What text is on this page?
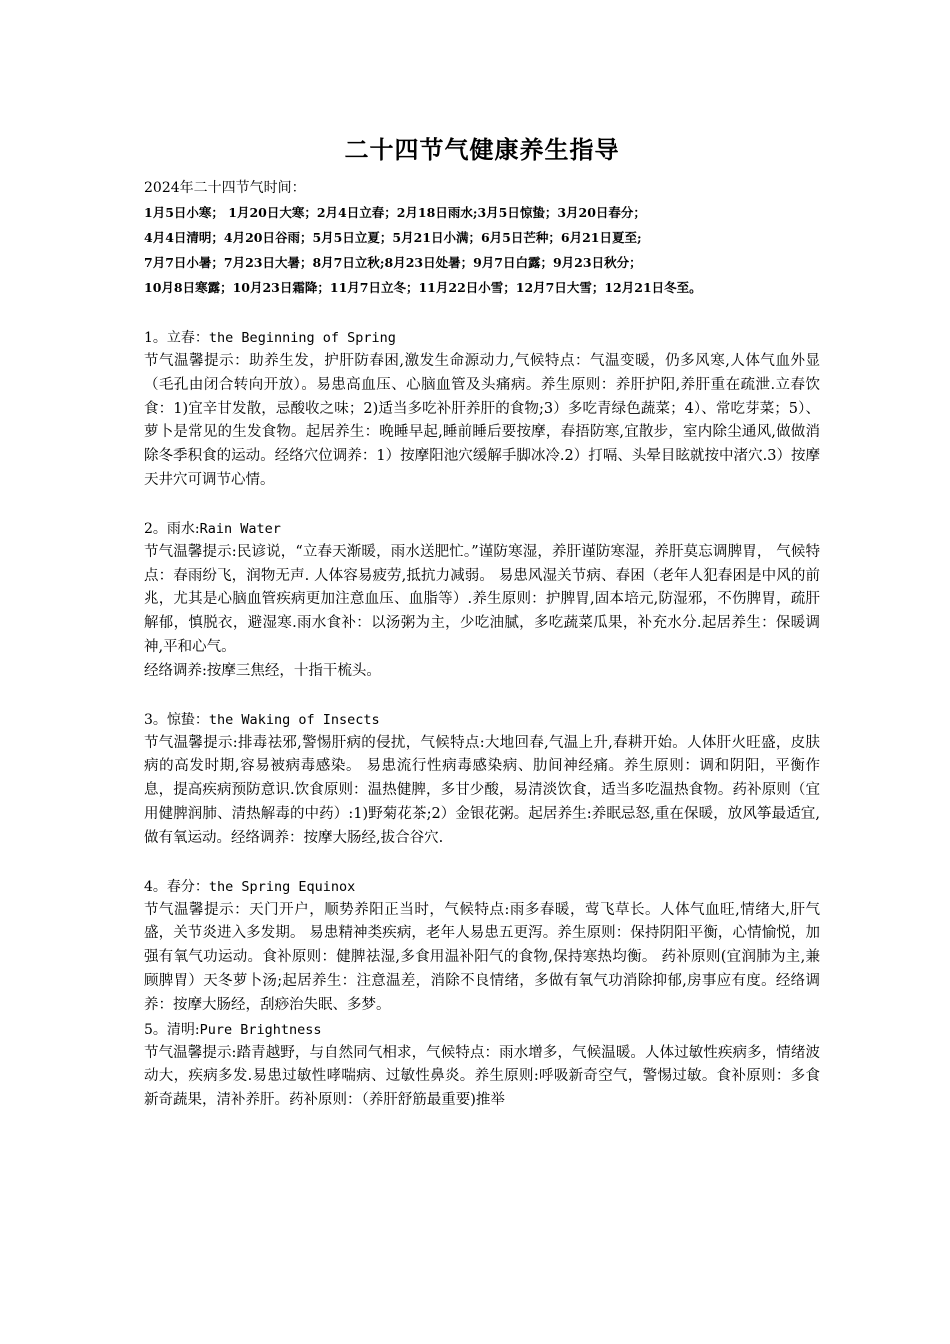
二十四节气健康养生指导
2024年二十四节气时间：
1月5日小寒； 1月20日大寒；2月4日立春；2月18日雨水;3月5日惊蛰；3月20日春分；
4月4日清明；4月20日谷雨；5月5日立夏；5月21日小满；6月5日芒种；6月21日夏至;
7月7日小暑；7月23日大暑；8月7日立秋;8月23日处暑；9月7日白露；9月23日秋分；
10月8日寒露；10月23日霜降；11月7日立冬；11月22日小雪；12月7日大雪；12月21日冬至。
1。立春：the Beginning of Spring
节气温馨提示：助养生发，护肝防春困,激发生命源动力,气候特点：气温变暖，仍多风寒,人体气血外显（毛孔由闭合转向开放）。易患高血压、心脑血管及头痛病。养生原则：养肝护阳,养肝重在疏泄.立春饮食：1)宜辛甘发散，忌酸收之味；2)适当多吃补肝养肝的食物;3）多吃青绿色蔬菜；4）、常吃芽菜；5）、萝卜是常见的生发食物。起居养生：晚睡早起,睡前睡后要按摩，春捂防寒,宜散步，室内除尘通风,做做消除冬季积食的运动。经络穴位调养：1）按摩阳池穴缓解手脚冰冷.2）打嗝、头晕目眩就按中渚穴.3）按摩天井穴可调节心情。
2。雨水:Rain Water
节气温馨提示:民谚说，“立春天渐暖，雨水送肥忙。”谨防寒湿，养肝谨防寒湿，养肝莫忘调脾胃， 气候特点：春雨纷飞，润物无声. 人体容易疲劳,抵抗力减弱。 易患风湿关节病、春困（老年人犯春困是中风的前兆，尤其是心脑血管疾病更加注意血压、血脂等）.养生原则：护脾胃,固本培元,防湿邪，不伤脾胃，疏肝解郁，慎脱衣，避湿寒.雨水食补：以汤粥为主，少吃油腻，多吃蔬菜瓜果，补充水分.起居养生：保暖调神,平和心气。
经络调养:按摩三焦经，十指干梳头。
3。惊蛰：the Waking of Insects
节气温馨提示:排毒祛邪,警惕肝病的侵扰，气候特点:大地回春,气温上升,春耕开始。人体肝火旺盛，皮肤病的高发时期,容易被病毒感染。 易患流行性病毒感染病、肋间神经痛。养生原则：调和阴阳，平衡作息，提高疾病预防意识.饮食原则：温热健脾，多甘少酸，易清淡饮食，适当多吃温热食物。药补原则（宜用健脾润肺、清热解毒的中药）:1)野菊花茶;2）金银花粥。起居养生:养眠忌怒,重在保暖，放风筝最适宜,做有氧运动。经络调养：按摩大肠经,拔合谷穴.
4。春分：the Spring Equinox
节气温馨提示：天门开户，顺势养阳正当时，气候特点:雨多春暖，莺飞草长。人体气血旺,情绪大,肝气盛，关节炎进入多发期。 易患精神类疾病，老年人易患五更泻。养生原则：保持阴阳平衡，心情愉悦，加强有氧气功运动。食补原则：健脾祛湿,多食用温补阳气的食物,保持寒热均衡。 药补原则(宜润肺为主,兼顾脾胃）天冬萝卜汤;起居养生：注意温差，消除不良情绪，多做有氧气功消除抑郁,房事应有度。经络调养：按摩大肠经，刮痧治失眠、多梦。
5。清明:Pure Brightness
节气温馨提示:踏青越野，与自然同气相求，气候特点：雨水增多，气候温暖。人体过敏性疾病多，情绪波动大，疾病多发.易患过敏性哮喘病、过敏性鼻炎。养生原则:呼吸新奇空气，警惕过敏。食补原则：多食新奇蔬果，清补养肝。药补原则：（养肝舒筋最重要)推举
